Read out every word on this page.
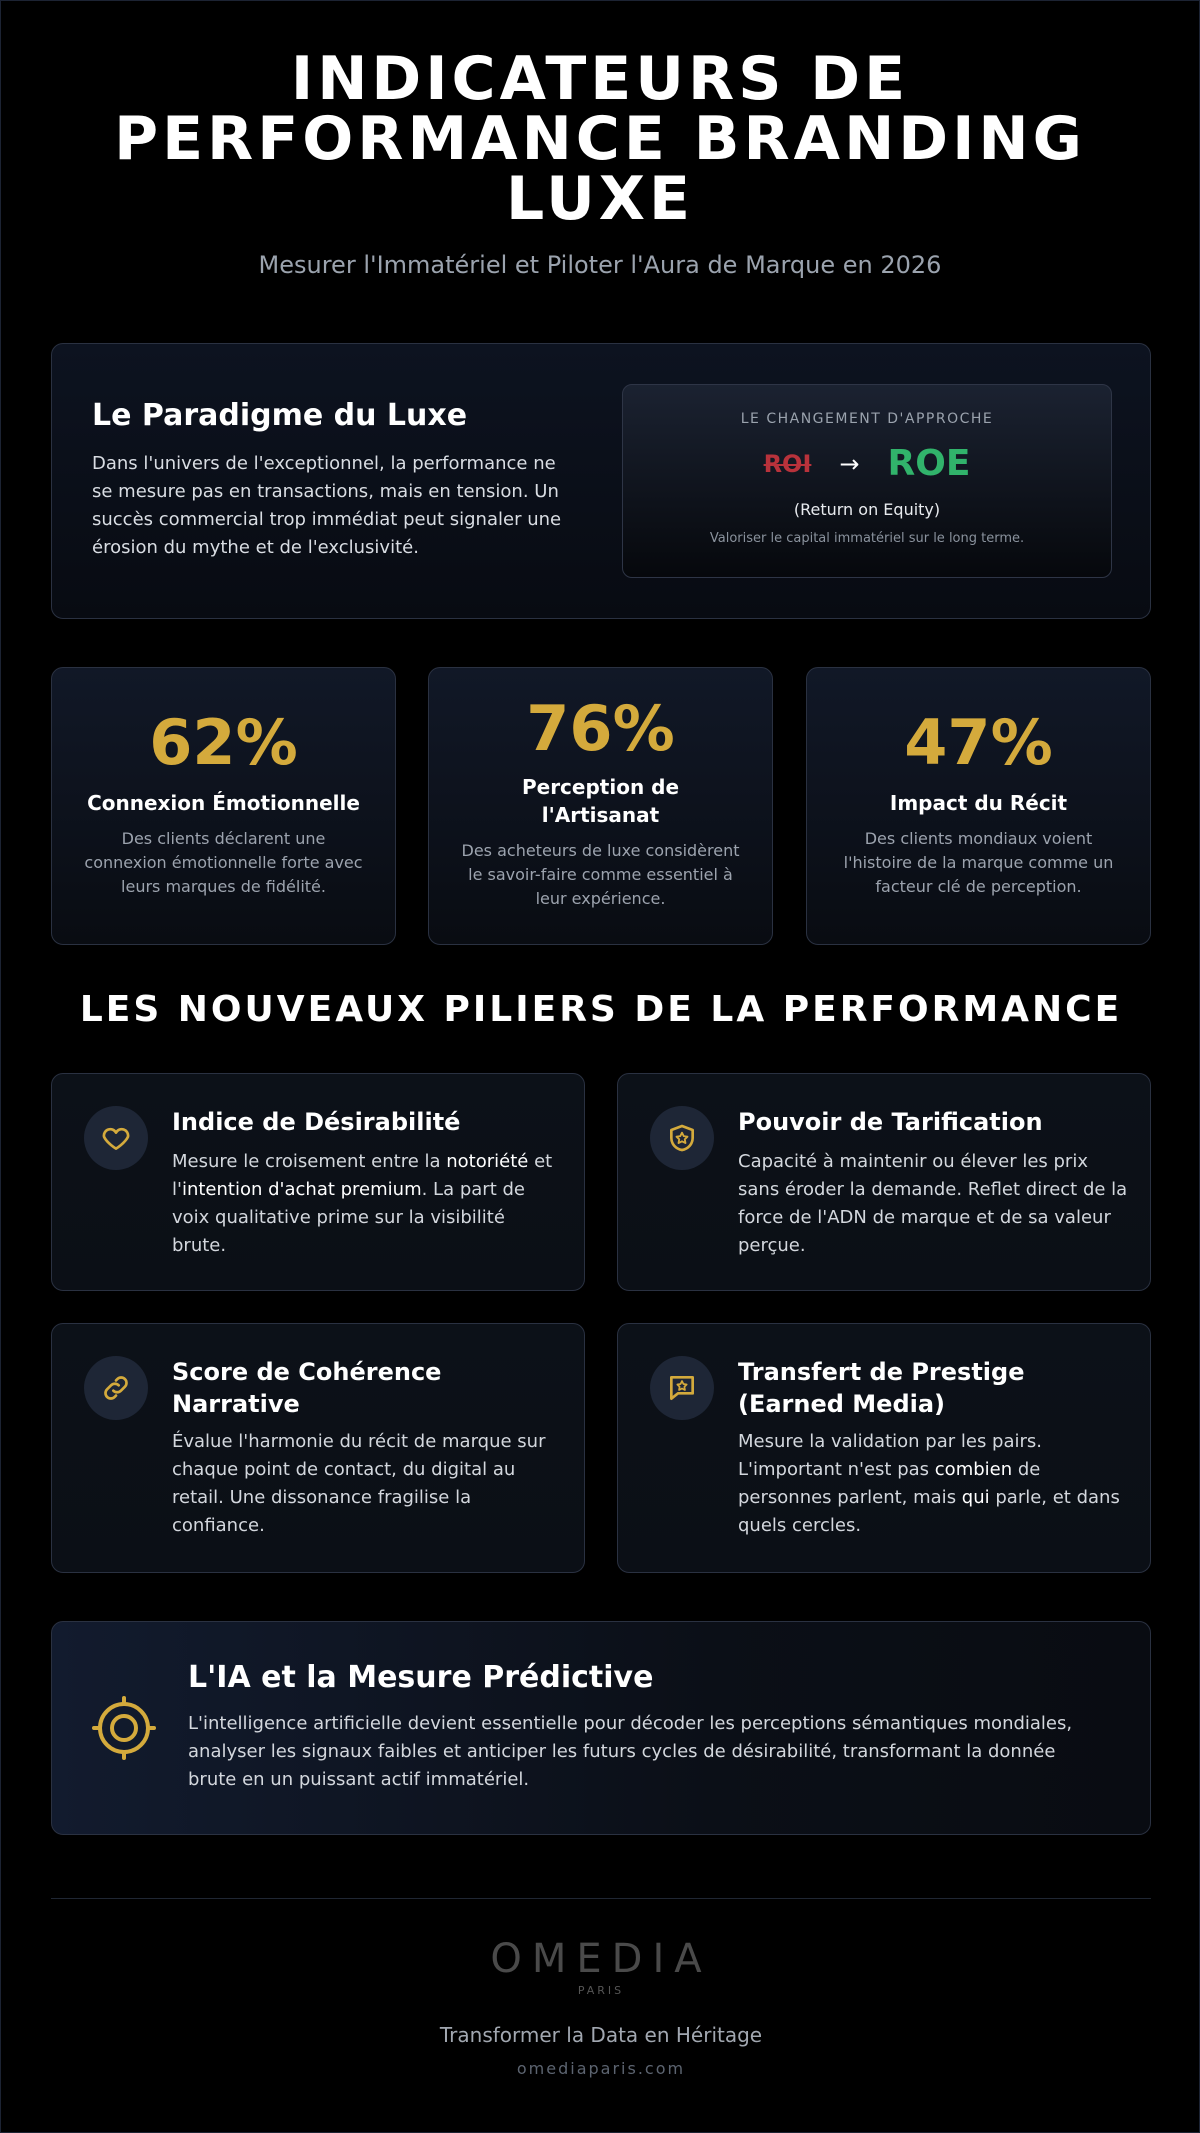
INDICATEURS DE PERFORMANCE BRANDING LUXE
Mesurer l'Immatériel et Piloter l'Aura de Marque en 2026
Le Paradigme du Luxe

Dans l'univers de l'exceptionnel, la performance ne se mesure pas en transactions, mais en tension. Un succès commercial trop immédiat peut signaler une érosion du mythe et de l'exclusivité.

LE CHANGEMENT D'APPROCHE
ROI → ROE
(Return on Equity)
Valoriser le capital immatériel sur le long terme.
62%
Connexion Émotionnelle
Des clients déclarent une connexion émotionnelle forte avec leurs marques de fidélité.
76%
Perception de l'Artisanat
Des acheteurs de luxe considèrent le savoir-faire comme essentiel à leur expérience.
47%
Impact du Récit
Des clients mondiaux voient l'histoire de la marque comme un facteur clé de perception.
LES NOUVEAUX PILIERS DE LA PERFORMANCE
Indice de Désirabilité

Mesure le croisement entre la notoriété et l'intention d'achat premium. La part de voix qualitative prime sur la visibilité brute.

Pouvoir de Tarification

Capacité à maintenir ou élever les prix sans éroder la demande. Reflet direct de la force de l'ADN de marque et de sa valeur perçue.

Score de Cohérence Narrative

Évalue l'harmonie du récit de marque sur chaque point de contact, du digital au retail. Une dissonance fragilise la confiance.

Transfert de Prestige (Earned Media)

Mesure la validation par les pairs. L'important n'est pas combien de personnes parlent, mais qui parle, et dans quels cercles.

L'IA et la Mesure Prédictive

L'intelligence artificielle devient essentielle pour décoder les perceptions sémantiques mondiales, analyser les signaux faibles et anticiper les futurs cycles de désirabilité, transformant la donnée brute en un puissant actif immatériel.

OMEDIA
PARIS
Transformer la Data en Héritage
omediaparis.com
